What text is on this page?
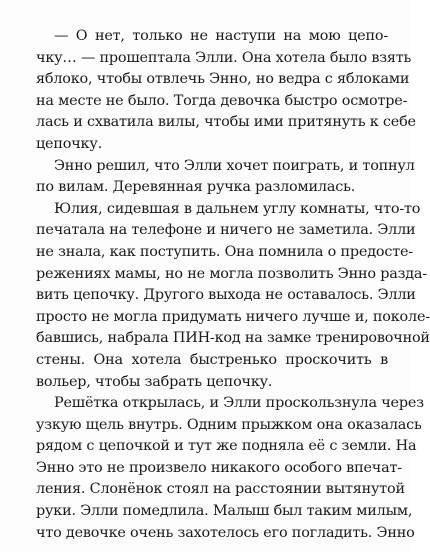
— О нет, только не наступи на мою цепо-
чку… — прошептала Элли. Она хотела было взять
яблоко, чтобы отвлечь Энно, но ведра с яблоками
на месте не было. Тогда девочка быстро осмотре-
лась и схватила вилы, чтобы ими притянуть к себе
цепочку.
Энно решил, что Элли хочет поиграть, и топнул
по вилам. Деревянная ручка разломилась.
Юлия, сидевшая в дальнем углу комнаты, что-то
печатала на телефоне и ничего не заметила. Элли
не знала, как поступить. Она помнила о предосте-
режениях мамы, но не могла позволить Энно разда-
вить цепочку. Другого выхода не оставалось. Элли
просто не могла придумать ничего лучше и, поколе-
бавшись, набрала ПИН-код на замке тренировочной
стены. Она хотела быстренько проскочить в
вольер, чтобы забрать цепочку.
Решётка открылась, и Элли проскользнула через
узкую щель внутрь. Одним прыжком она оказалась
рядом с цепочкой и тут же подняла её с земли. На
Энно это не произвело никакого особого впечат-
ления. Слонёнок стоял на расстоянии вытянутой
руки. Элли помедлила. Малыш был таким милым,
что девочке очень захотелось его погладить. Энно
